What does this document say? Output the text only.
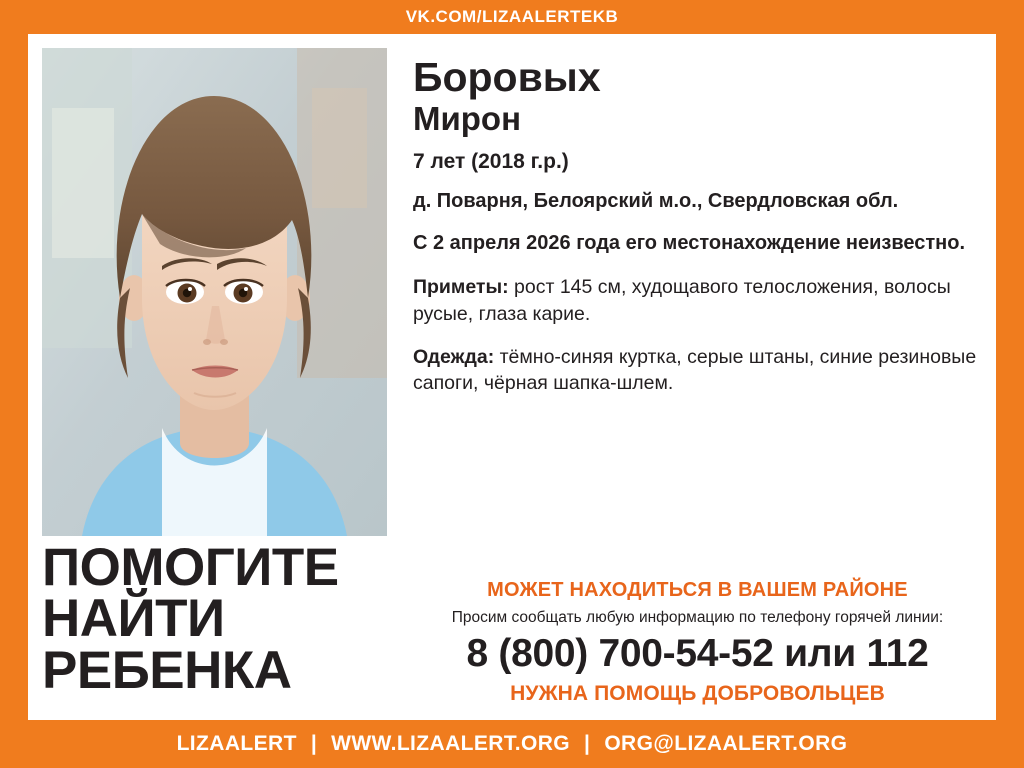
VK.COM/LIZAALERTEKB
ПОМОГИТЕ
НАЙТИ
РЕБЕНКА
Боровых
Мирон
7 лет (2018 г.р.)
д. Поварня, Белоярский м.о., Свердловская обл.
С 2 апреля 2026 года его местонахождение неизвестно.
Приметы: рост 145 см, худощавого телосложения, волосы русые, глаза карие.
Одежда: тёмно-синяя куртка, серые штаны, синие резиновые сапоги, чёрная шапка-шлем.
МОЖЕТ НАХОДИТЬСЯ В ВАШЕМ РАЙОНЕ
Просим сообщать любую информацию по телефону горячей линии:
8 (800) 700-54-52 или 112
НУЖНА ПОМОЩЬ ДОБРОВОЛЬЦЕВ
LIZAALERT | WWW.LIZAALERT.ORG | ORG@LIZAALERT.ORG
